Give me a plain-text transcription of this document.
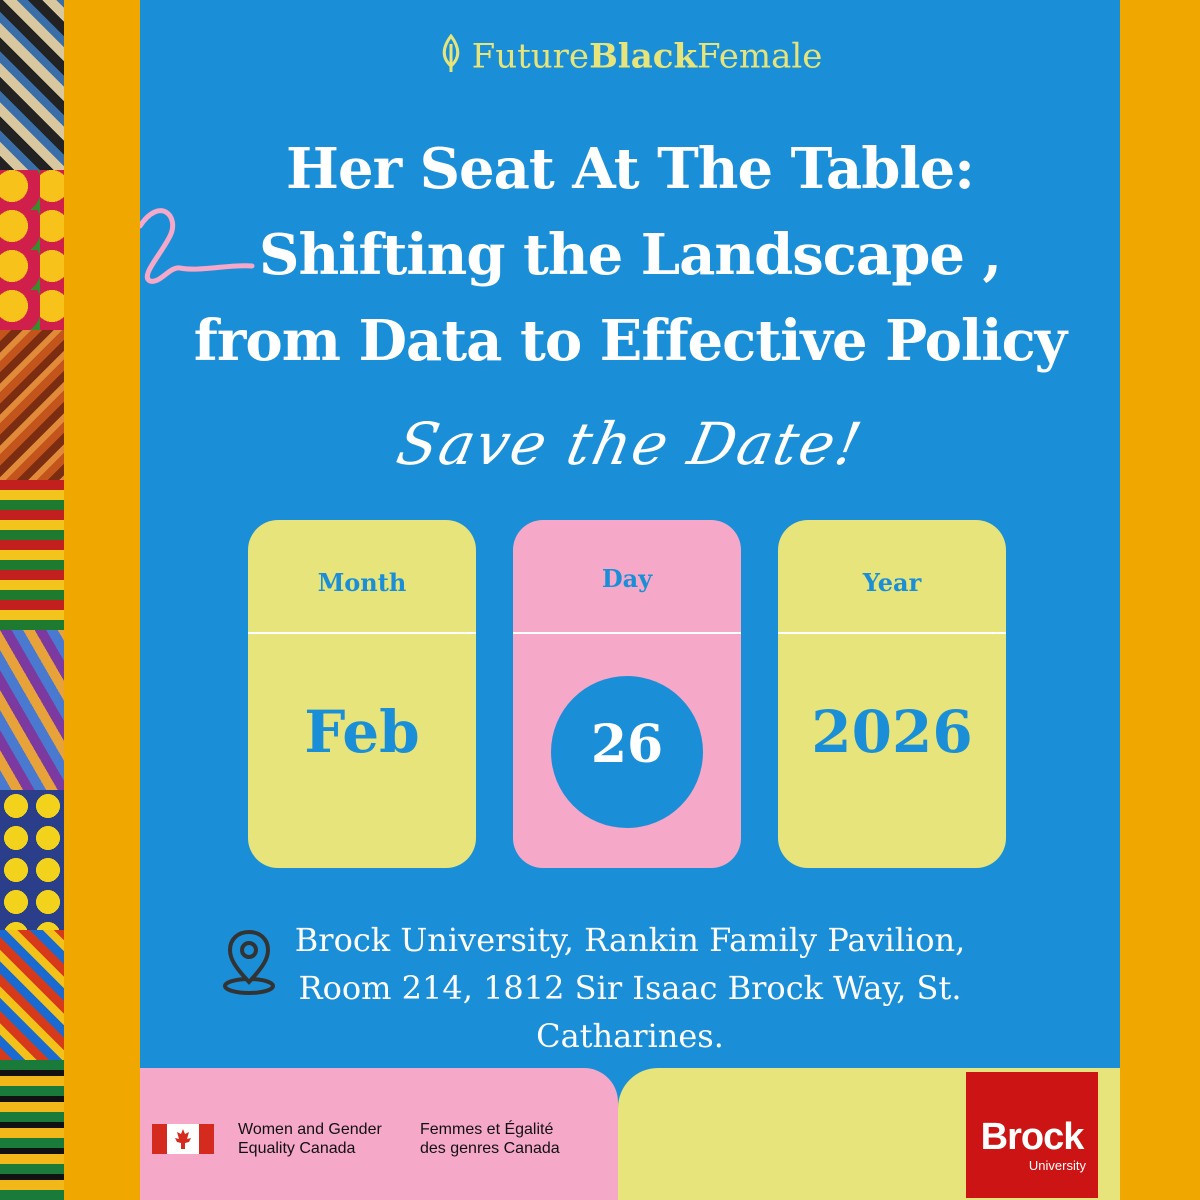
FutureBlackFemale
Her Seat At The Table:
Shifting the Landscape ,
from Data to Effective Policy
Save the Date!
Month
Feb
Day
26
Year
2026
Brock University, Rankin Family Pavilion,
Room 214, 1812 Sir Isaac Brock Way, St.
Catharines.
Women and Gender
Equality Canada
Femmes et Égalité
des genres Canada	Brock
University
